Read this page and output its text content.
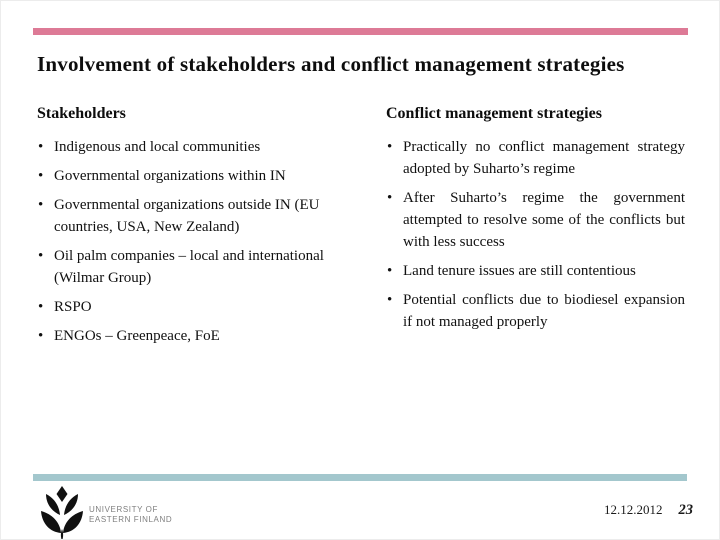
Involvement of stakeholders and conflict management strategies
Stakeholders
• Indigenous and local communities
• Governmental organizations within IN
• Governmental organizations outside IN (EU countries, USA, New Zealand)
• Oil palm companies – local and international (Wilmar Group)
• RSPO
• ENGOs – Greenpeace, FoE
Conflict management strategies
• Practically no conflict management strategy adopted by Suharto’s regime
• After Suharto’s regime the government attempted to resolve some of the conflicts but with less success
• Land tenure issues are still contentious
• Potential conflicts due to biodiesel expansion if not managed properly
UNIVERSITY OF
EASTERN FINLAND
12.12.2012 23
